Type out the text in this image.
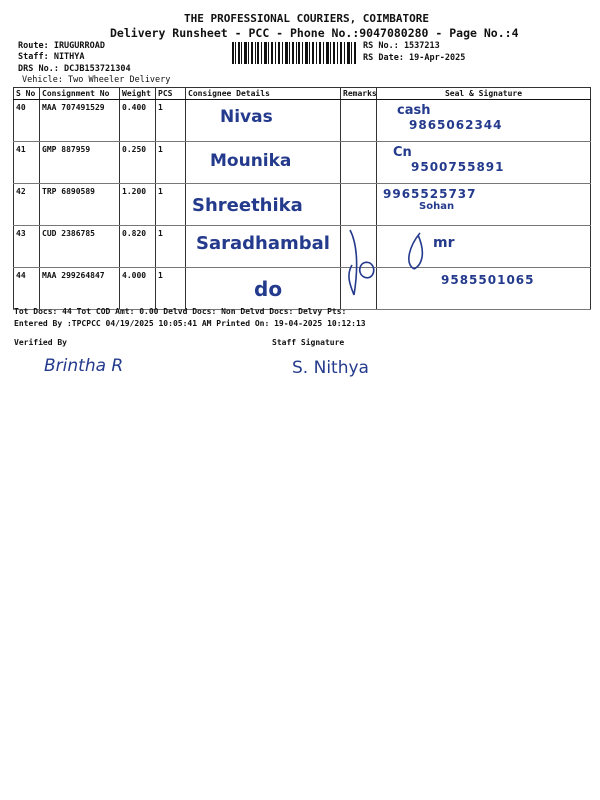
THE PROFESSIONAL COURIERS, COIMBATORE
Delivery Runsheet - PCC - Phone No.:9047080280 - Page No.:4
Route: IRUGURROAD
Staff: NITHYA
DRS No.: DCJB153721304
Vehicle: Two Wheeler Delivery
RS No.: 1537213
RS Date: 19-Apr-2025
S No	Consignment No	Weight	PCS	Consignee Details	Remarks	Seal & Signature
40	MAA 707491529	0.400	1	Nivas		cash
9865062344

41	GMP 887959	0.250	1	Mounika		Cn
9500755891

42	TRP 6890589	1.200	1	Shreethika		9965525737
Sohan

43	CUD 2386785	0.820	1	Saradhambal		mr

44	MAA 299264847	4.000	1	do		9585501065
Tot Docs: 44 Tot COD Amt: 0.00 Delvd Docs: Non Delvd Docs: Delvy Pts:
Entered By :TPCPCC 04/19/2025 10:05:41 AM Printed On: 19-04-2025 10:12:13
Verified By	Staff Signature
Brintha R	S. Nithya
